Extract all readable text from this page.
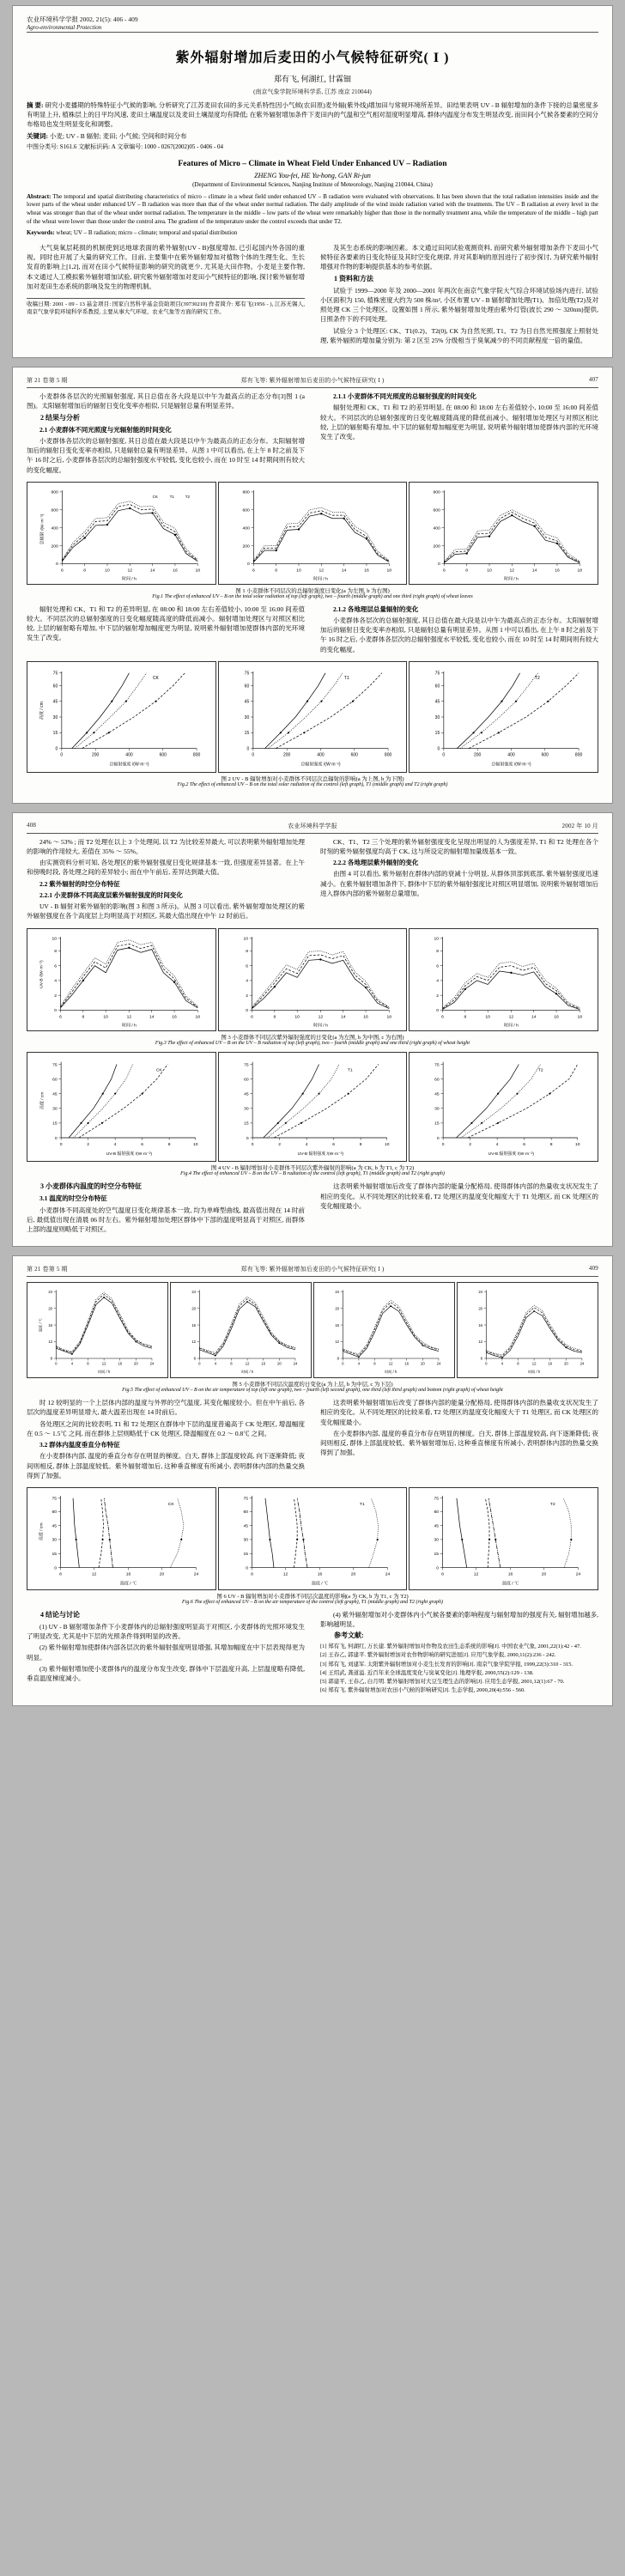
农业环境科学学报 2002, 21(5): 406 - 409
Agro-environmental Protection
紫外辐射增加后麦田的小气候特征研究( I )
郑有飞, 何湖红, 甘霖钿
(南京气象学院环境科学系, 江苏 南京 210044)
摘 要: 研究小麦播期的特殊特征小气候的影响, 分析研究了江苏麦田农田的多元关系特性因小气候(农田原)麦外辐(紫外线)增加田与常规环境所差异。田结果表明 UV - B 辐射增加的条件下接的总量密度多有明显上升, 植株层上的日平均风速, 麦田土壤温度以及麦田土壤湿度均有降低; 在紫外辐射增加条件下麦田内的气温和空气相对湿度明显增高, 群体内温度分布发生明显改变, 而田间小气候各要素的空间分布格局也发生明显变化和调整。
关键词: 小麦; UV - B 辐射; 麦田; 小气候; 空间和时间分布
中图分类号: S161.6 文献标识码: A 文章编号: 1000 - 0267(2002)05 - 0406 - 04
Features of Micro – Climate in Wheat Field Under Enhanced UV – Radiation
ZHENG You-fei, HE Yu-hong, GAN Ri-jun
(Department of Environmental Sciences, Nanjing Institute of Meteorology, Nanjing 210044, China)
Abstract: The temporal and spatial distributing characteristics of micro – climate in a wheat field under enhanced UV – B radiation were evaluated with observations. It has been shown that the total radiation intensities inside and the lower parts of the wheat under enhanced UV – B radiation was more than that of the wheat under normal radiation. The daily amplitude of the wind inside radiation varied with the treatments. The UV – B radiation at every level in the wheat was stronger than that of the wheat under normal radiation. The temperature in the middle – low parts of the wheat were remarkably higher than those in the normally treatment area, while the temperature of the middle – high part of the wheat were lower than those under the control area. The gradient of the temperature under the control exceeds that under T2.
Keywords: wheat; UV – B radiation; micro – climate; temporal and spatial distribution

大气臭氧层耗损的机制使到达地球表面的紫外辐射(UV - B)强度增加, 已引起国内外各国的重视。同时也开展了大量的研究工作。目前, 主要集中在紫外辐射增加对植物个体的生理生化、生长发育的影响上[1,2], 而对在田小气候特征影响的研究的就更少, 尤其是大田作物。小麦是主要作物, 本文通过人工模拟紫外辐射增加试验, 研究紫外辐射增加对麦田小气候特征的影响, 探讨紫外辐射增加对麦田生态系统的影响及发生的物理机制。

收稿日期: 2001 - 09 - 13 基金项目: 国家自然科学基金资助项目(39730210) 作者简介: 郑有飞(1956 - ), 江苏无锡人, 南京气象学院环境科学系教授, 主要从事大气环境、农业气象等方面的研究工作。

及其生态系统的影响因素。本文通过田间试验观测资料, 而研究紫外辐射增加条件下麦田小气候特征各要素的日变化特征及其时空变化规律, 并对其影响的原因进行了初步探讨, 为研究紫外辐射增强对作物的影响提供基本的参考依据。

1 资料和方法

试验于 1999—2000 年及 2000—2001 年两次在南京气象学院大气综合环境试验场内进行, 试验小区面积为 150, 植株密度大约为 500 株/m², 小区布置 UV - B 辐射增加处理(T1)、加倍处理(T2)及对照处理 CK 三个处理区。设置如图 1 所示, 紫外辐射增加处理由紫外灯管(波长 290 ～ 320nm)提供, 日照条件下的不同处理。

试验分 3 个处理区: CK、T1(0.2)、T2(0), CK 为自然光照, T1、T2 为日自然光照强度上照射处理, 紫外辐照的增加量分别为: 第 2 区至 25% 分级相当于臭氧减少的不同贡献程度一倍的量值。

第 21 卷第 5 期	郑有飞等: 紫外辐射增加后麦田的小气候特征研究( I )	407

小麦群体各层次的光照辐射强度, 其日总值在各大段是以中午为最高点的正态分布[3]图 1 (a 图)。太阳辐射增加后的辐射日变化变率亦相似, 只是辐射总量有明显差异。

2 结果与分析

2.1 小麦群体不同光照度与光辐射能的时间变化

小麦群体各层次的总辐射强度, 其日总值在最大段是以中午为最高点的正态分布。太阳辐射增加后的辐射日变化变率亦相似, 只是辐射总量有明显差异。从图 1 中可以看出, 在上午 8 时之前及下午 16 时之后, 小麦群体各层次的总辐射强度水平较低, 变化也较小, 而在 10 时至 14 时期间则有较大的变化幅度。

2.1.1 小麦群体不同光照度的总辐射强度的时间变化

辐射处理和 CK、T1 和 T2 的差异明显, 在 08:00 和 18:00 左右差值较小, 10:00 至 16:00 间差值较大。不同层次的总辐射强度的日变化幅度随高度的降低而减小。辐射增加处理区与对照区相比较, 上层的辐射略有增加, 中下层的辐射增加幅度更为明显, 说明紫外辐射增加使群体内部的光环境发生了改变。

0
200
400
600
800
6	8	10	12	14	16	18
时间 / h
总辐射 /(W·m⁻²)
CK	T1	T2
0
200
400
600
800
6	8	10	12	14	16	18
时间 / h
0
200
400
600
800
6	8	10	12	14	16	18
时间 / h
图 1 小麦群体不同层次的总辐射强度日变化(a 为左图, b 为右图)
Fig.1 The effect of enhanced UV – B on the total solar radiation of top (left graph), two – fourth (middle graph) and one third (right graph) of wheat leaves

辐射处理和 CK、T1 和 T2 的差异明显, 在 08:00 和 18:00 左右差值较小, 10:00 至 16:00 间差值较大。不同层次的总辐射强度的日变化幅度随高度的降低而减小。辐射增加处理区与对照区相比较, 上层的辐射略有增加, 中下层的辐射增加幅度更为明显, 说明紫外辐射增加使群体内部的光环境发生了改变。

2.1.2 各地理层总量辐射的变化

小麦群体各层次的总辐射强度, 其日总值在最大段是以中午为最高点的正态分布。太阳辐射增加后的辐射日变化变率亦相似, 只是辐射总量有明显差异。从图 1 中可以看出, 在上午 8 时之前及下午 16 时之后, 小麦群体各层次的总辐射强度水平较低, 变化也较小, 而在 10 时至 14 时期间则有较大的变化幅度。

0
15
30
45
60
75
0	200	400	600	800
总辐射强度 /(W·m⁻²)
高度 / cm
CK
0
15
30
45
60
75
0	200	400	600	800
总辐射强度 /(W·m⁻²)
T1
0
15
30
45
60
75
0	200	400	600	800
总辐射强度 /(W·m⁻²)
T2
图 2 UV - B 辐射增加对小麦群体不同层次总辐射的影响(a 为上图, b 为下图)
Fig.2 The effect of enhanced UV – B on the total solar radiation of the control (left graph), T1 (middle graph) and T2 (right graph)
408	农业环境科学学报	2002 年 10 月

24% ～ 53% ; 而 T2 处理在以上 3 个处理间, 以 T2 为比较差异最大, 可以表明紫外辐射增加处理的影响的作用较大, 差值在 35% ～ 55%。

由实测资料分析可知, 各处理区的紫外辐射强度日变化规律基本一致, 但强度差异显著。在上午和傍晚时段, 各处理之间的差异较小; 而在中午前后, 差异达到最大值。

2.2 紫外辐射的时空分布特征

2.2.1 小麦群体不同高度层紫外辐射强度的时间变化

UV - B 辐射对紫外辐射的影响(图 3 和图 3 所示)。从图 3 可以看出, 紫外辐射增加处理区的紫外辐射强度在各个高度层上均明显高于对照区, 其最大值出现在中午 12 时前后。

CK、T1、T2 三个处理的紫外辐射强度变化呈现出明显的人为强度差异, T1 和 T2 处理在各个时刻的紫外辐射强度均高于 CK, 这与所设定的辐射增加量级基本一致。

2.2.2 各地理层紫外辐射的变化

由图 4 可以看出, 紫外辐射在群体内部的衰减十分明显, 从群体顶部到底部, 紫外辐射强度迅速减小。在紫外辐射增加条件下, 群体中下层的紫外辐射强度比对照区明显增加, 说明紫外辐射增加后进入群体内部的紫外辐射总量增加。

0
2
4
6
8
10
6	8	10	12	14	16	18
时间 / h
UV-B /(W·m⁻²)
0
2
4
6
8
10
6	8	10	12	14	16	18
时间 / h
0
2
4
6
8
10
6	8	10	12	14	16	18
时间 / h
图 3 小麦群体不同层次紫外辐射强度的日变化(a 为左图, b 为中图, c 为右图)
Fig.3 The effect of enhanced UV – B on the UV – B radiation of top (left graph), two – fourth (middle graph) and one third (right graph) of wheat height
0
15
30
45
60
75
0	2	4	6	8	10
UV-B 辐射强度 /(W·m⁻²)
高度 / cm
CK
0
15
30
45
60
75
0	2	4	6	8	10
UV-B 辐射强度 /(W·m⁻²)
T1
0
15
30
45
60
75
0	2	4	6	8	10
UV-B 辐射强度 /(W·m⁻²)
T2
图 4 UV - B 辐射增加对小麦群体不同层次紫外辐射的影响(a 为 CK, b 为 T1, c 为 T2)
Fig.4 The effect of enhanced UV – B on the UV – B radiation of the control (left graph), T1 (middle graph) and T2 (right graph)

3 小麦群体内温度的时空分布特征

3.1 温度的时空分布特征

小麦群体不同高度处的空气温度日变化规律基本一致, 均为单峰型曲线, 最高值出现在 14 时前后, 最低值出现在清晨 06 时左右。紫外辐射增加处理区群体中下部的温度明显高于对照区, 而群体上部的温度则略低于对照区。

这表明紫外辐射增加后改变了群体内部的能量分配格局, 使得群体内部的热量收支状况发生了相应的变化。从不同处理区的比较来看, T2 处理区的温度变化幅度大于 T1 处理区, 而 CK 处理区的变化幅度最小。

第 21 卷第 5 期	郑有飞等: 紫外辐射增加后麦田的小气候特征研究( I )	409
8
12
16
20
24
0	4	8	12	16	20	24
时间 / h
温度 / ℃
8
12
16
20
24
0	4	8	12	16	20	24
时间 / h
8
12
16
20
24
0	4	8	12	16	20	24
时间 / h
8
12
16
20
24
0	4	8	12	16	20	24
时间 / h
图 5 小麦群体不同层次温度的日变化(a 为上层, b 为中层, c 为下层)
Fig.5 The effect of enhanced UV – B on the air temperature of top (left one graph), two – fourth (left second graph), one third (left third graph) and bottom (right graph) of wheat height

时 12 较明显的一个上层体内部的温度与外界的空气温度, 其变化幅度较小。但在中午前后, 各层次的温度差异明显增大, 最大温差出现在 14 时前后。

各处理区之间的比较表明, T1 和 T2 处理区在群体中下层的温度普遍高于 CK 处理区, 增温幅度在 0.5 ～ 1.5℃ 之间, 而在群体上层则略低于 CK 处理区, 降温幅度在 0.2 ～ 0.8℃ 之间。

3.2 群体内温度垂直分布特征

在小麦群体内部, 温度的垂直分布存在明显的梯度。白天, 群体上部温度较高, 向下逐渐降低; 夜间则相反, 群体上部温度较低。紫外辐射增加后, 这种垂直梯度有所减小, 表明群体内部的热量交换得到了加强。

这表明紫外辐射增加后改变了群体内部的能量分配格局, 使得群体内部的热量收支状况发生了相应的变化。从不同处理区的比较来看, T2 处理区的温度变化幅度大于 T1 处理区, 而 CK 处理区的变化幅度最小。

在小麦群体内部, 温度的垂直分布存在明显的梯度。白天, 群体上部温度较高, 向下逐渐降低; 夜间则相反, 群体上部温度较低。紫外辐射增加后, 这种垂直梯度有所减小, 表明群体内部的热量交换得到了加强。

0
15
30
45
60
75
8	12	16	20	24
温度 / ℃
高度 / cm
CK
0
15
30
45
60
75
8	12	16	20	24
温度 / ℃
T1
0
15
30
45
60
75
8	12	16	20	24
温度 / ℃
T2
图 6 UV - B 辐射增加对小麦群体不同层次温度的影响(a 为 CK, b 为 T1, c 为 T2)
Fig.6 The effect of enhanced UV – B on the air temperature of the control (left graph), T1 (middle graph) and T2 (right graph)

4 结论与讨论

(1) UV - B 辐射增加条件下小麦群体内的总辐射强度明显高于对照区, 小麦群体的光照环境发生了明显改变, 尤其是中下层的光照条件得到明显的改善。

(2) 紫外辐射增加使群体内部各层次的紫外辐射强度明显增强, 其增加幅度在中下层表现得更为明显。

(3) 紫外辐射增加使小麦群体内的温度分布发生改变, 群体中下层温度升高, 上层温度略有降低, 垂直温度梯度减小。

(4) 紫外辐射增加对小麦群体内小气候各要素的影响程度与辐射增加的强度有关, 辐射增加越多, 影响越明显。

参考文献:

[1] 郑有飞, 何湖红, 万长建. 紫外辐射增加对作物及农田生态系统的影响[J]. 中国农业气象, 2001,22(1):42 - 47.
[2] 王春乙, 郭建平. 紫外辐射增加对农作物影响的研究进展[J]. 应用气象学报, 2000,11(2):236 - 242.
[3] 郑有飞, 刘建军. 太阳紫外辐射增加对小麦生长发育的影响[J]. 南京气象学院学报, 1999,22(3):310 - 315.
[4] 王绍武, 龚道溢. 近百年来全球温度变化与臭氧变化[J]. 地理学报, 2000,55(2):129 - 138.
[5] 郭建平, 王春乙, 白月明. 紫外辐射增加对大豆生理生态的影响[J]. 应用生态学报, 2001,12(1):67 - 70.
[6] 郑有飞. 紫外辐射增加对农田小气候的影响研究[J]. 生态学报, 2000,20(4):556 - 560.
